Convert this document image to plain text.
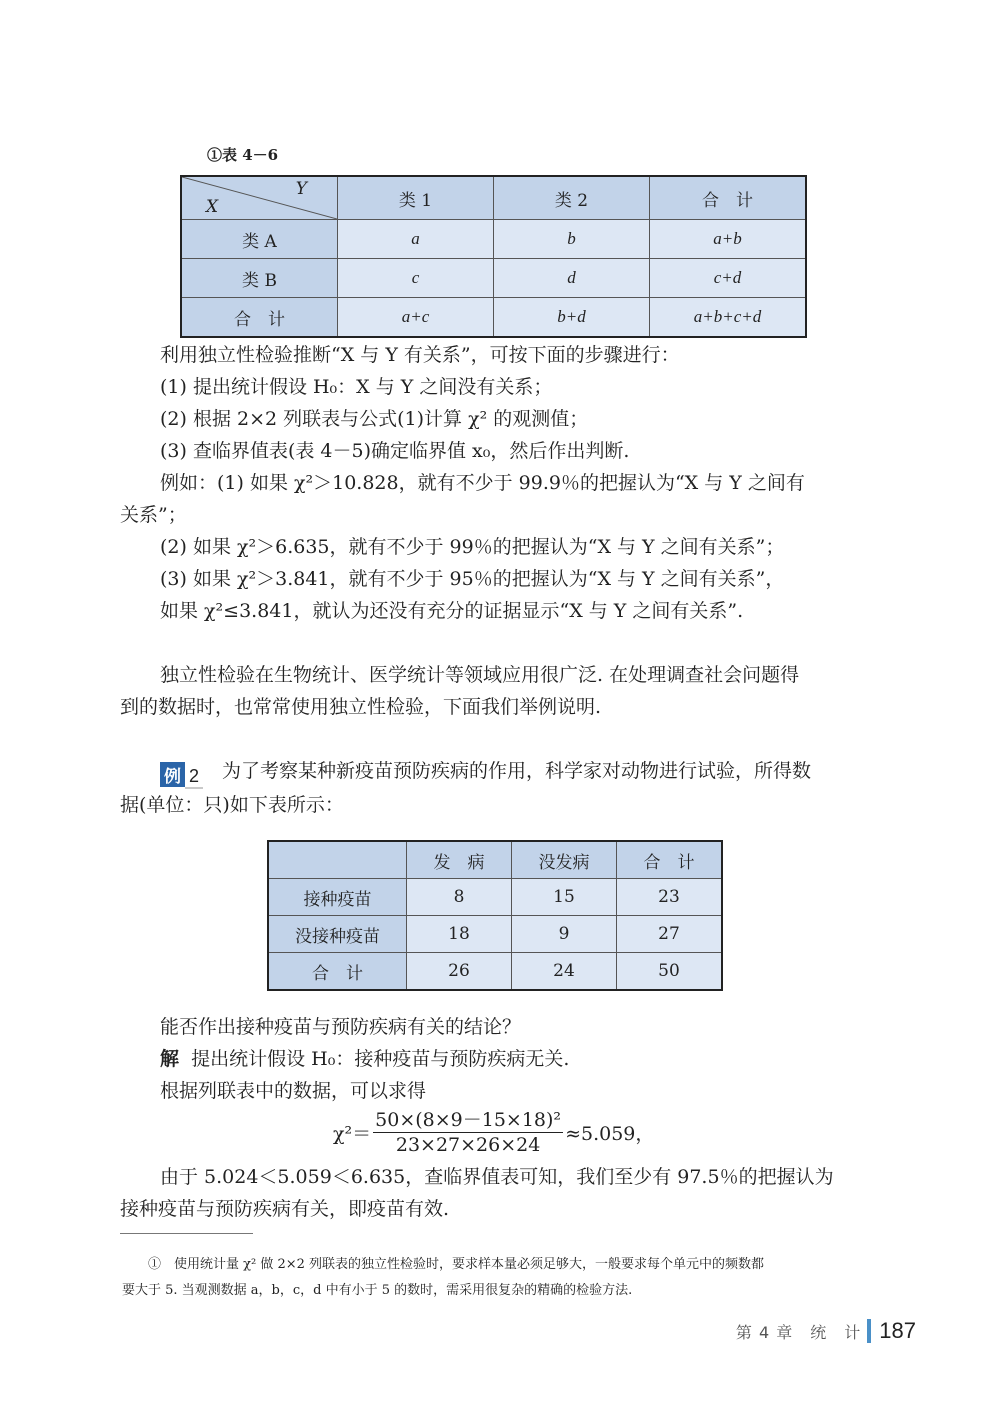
①表 4－6
X
Y	类 1	类 2	合　计
类 A	a	b	a+b
类 B	c	d	c+d
合　计	a+c	b+d	a+b+c+d
利用独立性检验推断“X 与 Y 有关系”，可按下面的步骤进行：
(1) 提出统计假设 H₀：X 与 Y 之间没有关系；
(2) 根据 2×2 列联表与公式(1)计算 χ² 的观测值；
(3) 查临界值表(表 4－5)确定临界值 x₀，然后作出判断.
例如：(1) 如果 χ²＞10.828，就有不少于 99.9％的把握认为“X 与 Y 之间有
关系”；
(2) 如果 χ²＞6.635，就有不少于 99％的把握认为“X 与 Y 之间有关系”；
(3) 如果 χ²＞3.841，就有不少于 95％的把握认为“X 与 Y 之间有关系”，
如果 χ²≤3.841，就认为还没有充分的证据显示“X 与 Y 之间有关系”.
独立性检验在生物统计、医学统计等领域应用很广泛. 在处理调查社会问题得
到的数据时，也常常使用独立性检验，下面我们举例说明.
例 2 为了考察某种新疫苗预防疾病的作用，科学家对动物进行试验，所得数
据(单位：只)如下表所示：
	发　病	没发病	合　计
接种疫苗	8	15	23
没接种疫苗	18	9	27
合　计	26	24	50
能否作出接种疫苗与预防疾病有关的结论？
解 提出统计假设 H₀：接种疫苗与预防疾病无关.
根据列联表中的数据，可以求得
$\chi^2= \frac{\text{50×(8×9－15×18)²}}{23\times 27\times 26\times 24} \approx 5.059$，
由于 5.024＜5.059＜6.635，查临界值表可知，我们至少有 97.5％的把握认为
接种疫苗与预防疾病有关，即疫苗有效.
①　使用统计量 χ² 做 2×2 列联表的独立性检验时，要求样本量必须足够大，一般要求每个单元中的频数都
要大于 5. 当观测数据 a，b，c，d 中有小于 5 的数时，需采用很复杂的精确的检验方法.
第 4 章　统　计 187
